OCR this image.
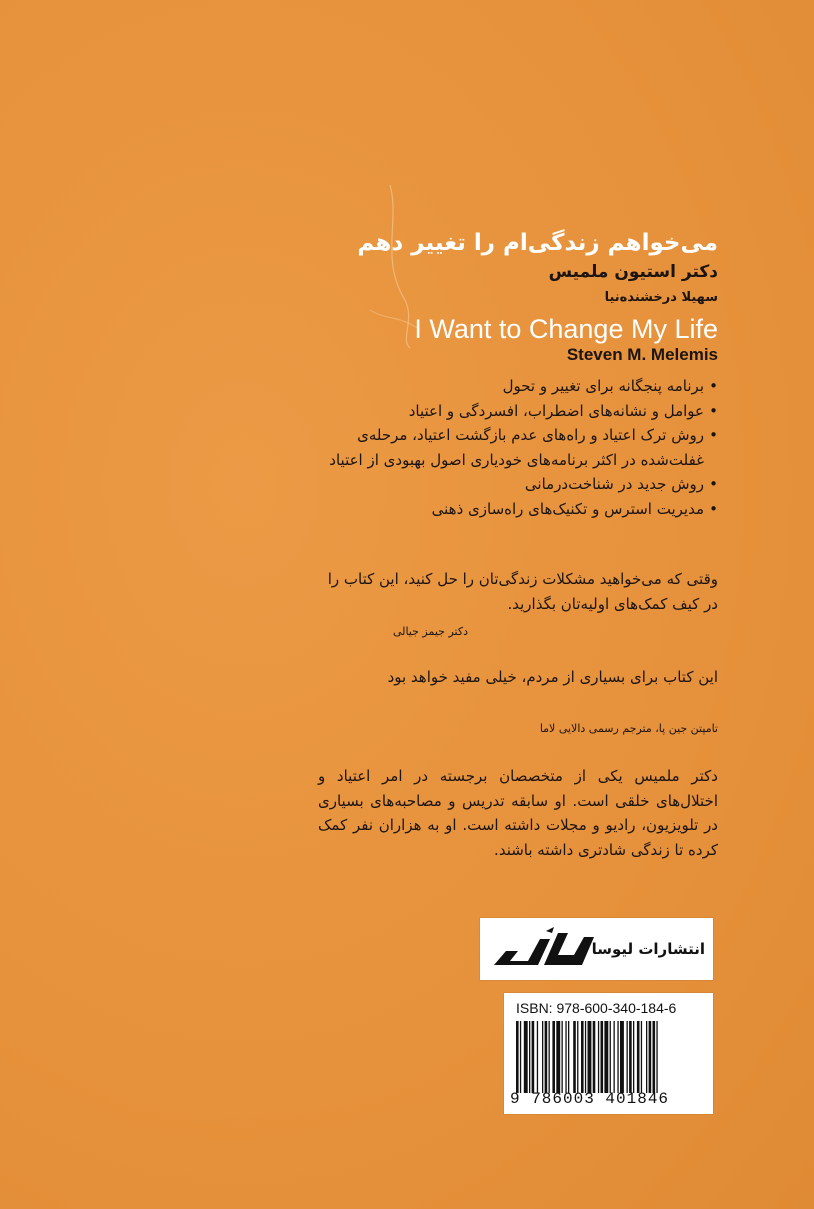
می‌خواهم زندگی‌ام را تغییر دهم
دکتر استیون ملمیس
سهیلا درخشنده‌نیا
I Want to Change My Life
Steven M. Melemis
• برنامه پنجگانه برای تغییر و تحول
• عوامل و نشانه‌های اضطراب، افسردگی و اعتیاد
• روش ترک اعتیاد و راه‌های عدم بازگشت اعتیاد، مرحله‌ی غفلت‌شده در اکثر برنامه‌های خودیاری اصول بهبودی از اعتیاد
• روش جدید در شناخت‌درمانی
• مدیریت استرس و تکنیک‌های راه‌سازی ذهنی
وقتی که می‌خواهید مشکلات زندگی‌تان را حل کنید، این کتاب را در کیف کمک‌های اولیه‌تان بگذارید.
دکتر جیمز جیالی
این کتاب برای بسیاری از مردم، خیلی مفید خواهد بود
تامپتن جین پا، مترجم رسمی دالایی لاما
دکتر ملمیس یکی از متخصصان برجسته در امر اعتیاد و اختلال‌های خلقی است. او سابقه تدریس و مصاحبه‌های بسیاری در تلویزیون، رادیو و مجلات داشته است. او به هزاران نفر کمک کرده تا زندگی شادتری داشته باشند.
انتشارات لیوسا
ISBN: 978-600-340-184-6
9 786003 401846
